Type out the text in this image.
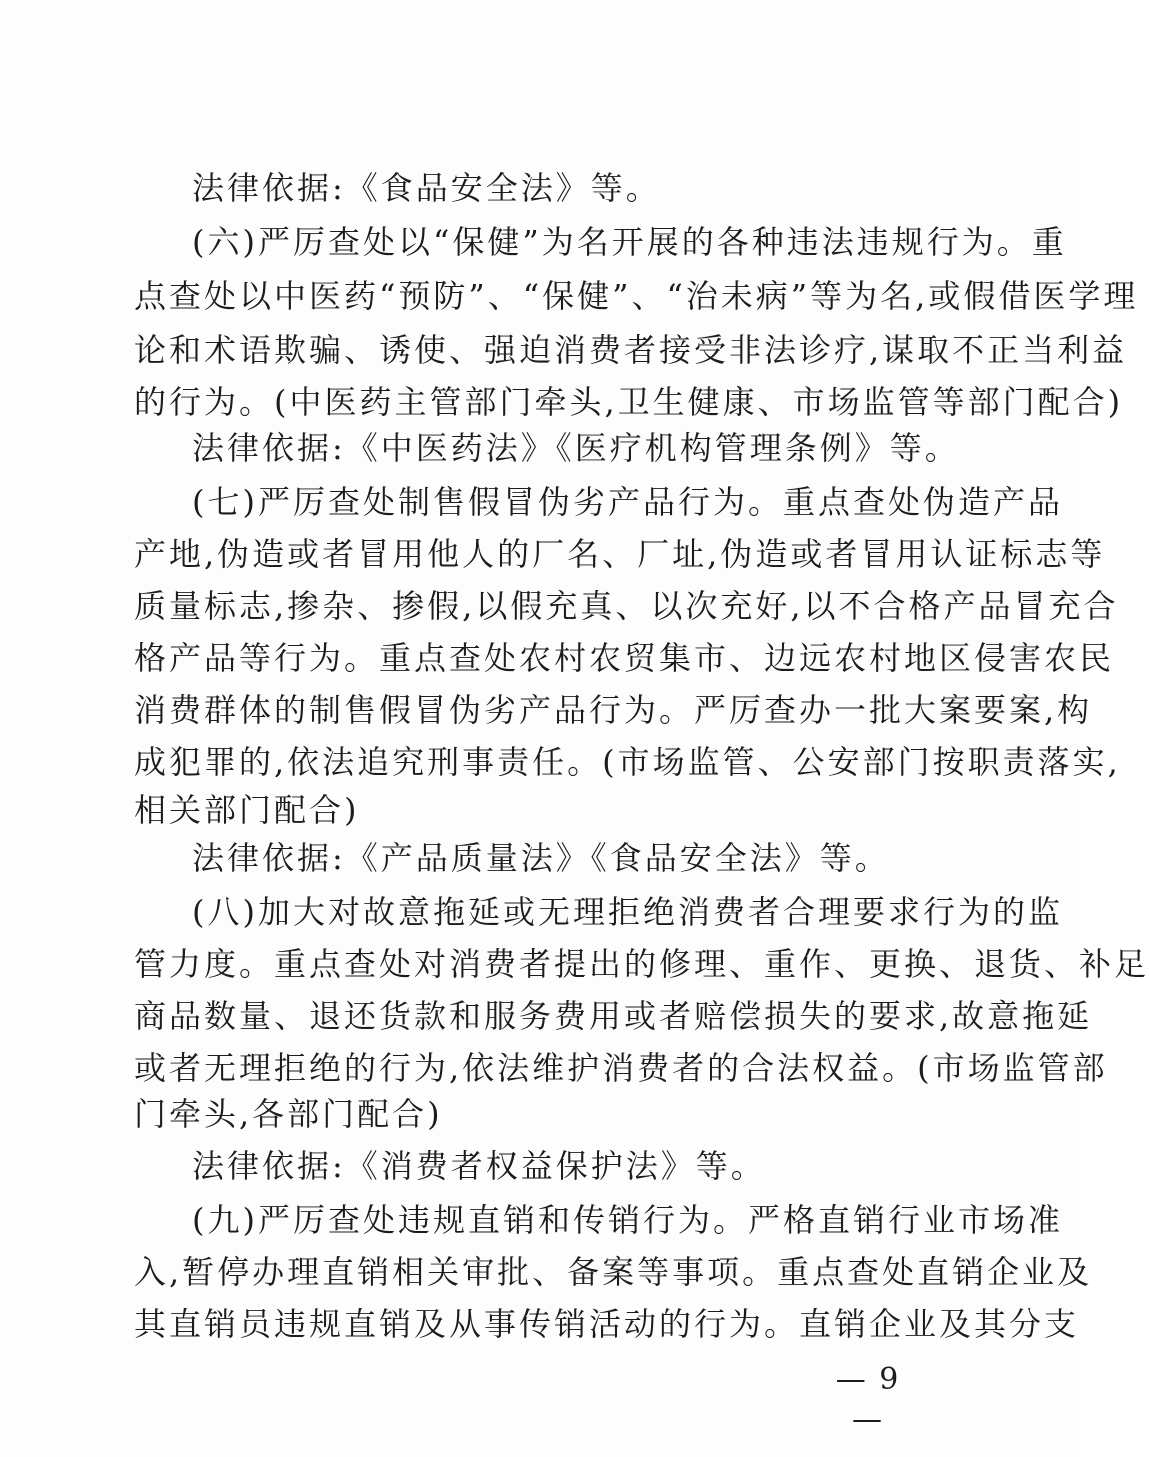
法律依据:《食品安全法》等。
(六)严厉查处以“保健”为名开展的各种违法违规行为。重
点查处以中医药“预防”、“保健”、“治未病”等为名,或假借医学理
论和术语欺骗、诱使、强迫消费者接受非法诊疗,谋取不正当利益
的行为。(中医药主管部门牵头,卫生健康、市场监管等部门配合)
法律依据:《中医药法》《医疗机构管理条例》等。
(七)严厉查处制售假冒伪劣产品行为。重点查处伪造产品
产地,伪造或者冒用他人的厂名、厂址,伪造或者冒用认证标志等
质量标志,掺杂、掺假,以假充真、以次充好,以不合格产品冒充合
格产品等行为。重点查处农村农贸集市、边远农村地区侵害农民
消费群体的制售假冒伪劣产品行为。严厉查办一批大案要案,构
成犯罪的,依法追究刑事责任。(市场监管、公安部门按职责落实,
相关部门配合)
法律依据:《产品质量法》《食品安全法》等。
(八)加大对故意拖延或无理拒绝消费者合理要求行为的监
管力度。重点查处对消费者提出的修理、重作、更换、退货、补足
商品数量、退还货款和服务费用或者赔偿损失的要求,故意拖延
或者无理拒绝的行为,依法维护消费者的合法权益。(市场监管部
门牵头,各部门配合)
法律依据:《消费者权益保护法》等。
(九)严厉查处违规直销和传销行为。严格直销行业市场准
入,暂停办理直销相关审批、备案等事项。重点查处直销企业及
其直销员违规直销及从事传销活动的行为。直销企业及其分支
— 9 —
